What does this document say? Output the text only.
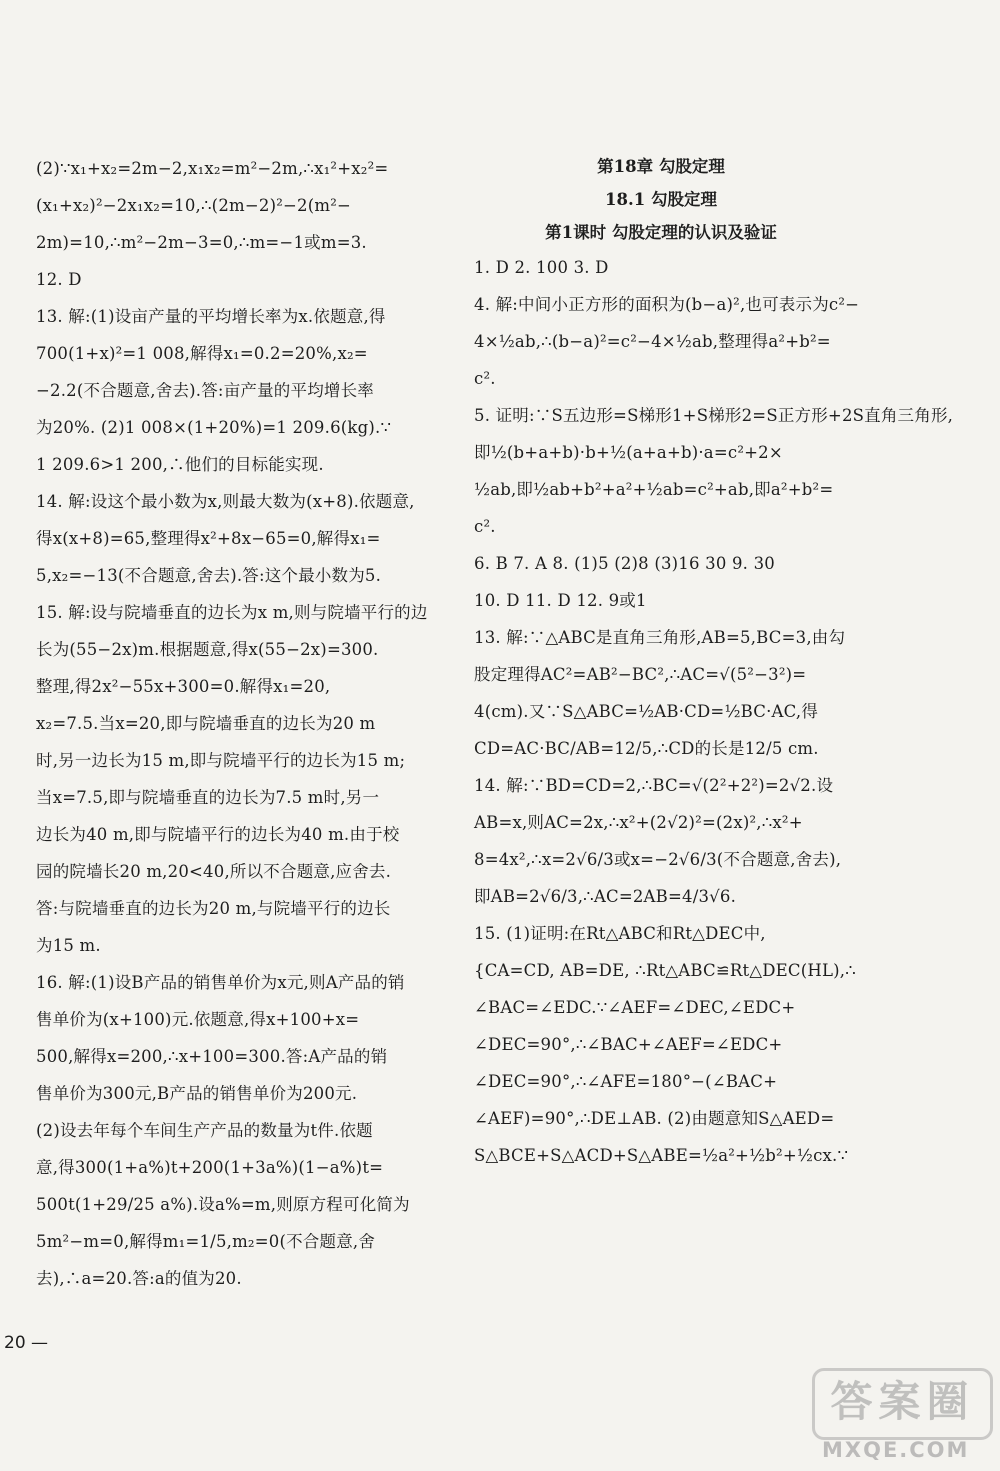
(2)∵x₁+x₂=2m−2,x₁x₂=m²−2m,∴x₁²+x₂²=
(x₁+x₂)²−2x₁x₂=10,∴(2m−2)²−2(m²−
2m)=10,∴m²−2m−3=0,∴m=−1或m=3.
12. D
13. 解:(1)设亩产量的平均增长率为x.依题意,得
700(1+x)²=1 008,解得x₁=0.2=20%,x₂=
−2.2(不合题意,舍去).答:亩产量的平均增长率
为20%. (2)1 008×(1+20%)=1 209.6(kg).∵
1 209.6>1 200,∴他们的目标能实现.
14. 解:设这个最小数为x,则最大数为(x+8).依题意,
得x(x+8)=65,整理得x²+8x−65=0,解得x₁=
5,x₂=−13(不合题意,舍去).答:这个最小数为5.
15. 解:设与院墙垂直的边长为x m,则与院墙平行的边
长为(55−2x)m.根据题意,得x(55−2x)=300.
整理,得2x²−55x+300=0.解得x₁=20,
x₂=7.5.当x=20,即与院墙垂直的边长为20 m
时,另一边长为15 m,即与院墙平行的边长为15 m;
当x=7.5,即与院墙垂直的边长为7.5 m时,另一
边长为40 m,即与院墙平行的边长为40 m.由于校
园的院墙长20 m,20<40,所以不合题意,应舍去.
答:与院墙垂直的边长为20 m,与院墙平行的边长
为15 m.
16. 解:(1)设B产品的销售单价为x元,则A产品的销
售单价为(x+100)元.依题意,得x+100+x=
500,解得x=200,∴x+100=300.答:A产品的销
售单价为300元,B产品的销售单价为200元.
(2)设去年每个车间生产产品的数量为t件.依题
意,得300(1+a%)t+200(1+3a%)(1−a%)t=
500t(1+29/25 a%).设a%=m,则原方程可化简为
5m²−m=0,解得m₁=1/5,m₂=0(不合题意,舍
去),∴a=20.答:a的值为20.
第18章 勾股定理
18.1 勾股定理
第1课时 勾股定理的认识及验证
1. D 2. 100 3. D
4. 解:中间小正方形的面积为(b−a)²,也可表示为c²−
4×½ab,∴(b−a)²=c²−4×½ab,整理得a²+b²=
c².
5. 证明:∵S五边形=S梯形1+S梯形2=S正方形+2S直角三角形,
即½(b+a+b)·b+½(a+a+b)·a=c²+2×
½ab,即½ab+b²+a²+½ab=c²+ab,即a²+b²=
c².
6. B 7. A 8. (1)5 (2)8 (3)16 30 9. 30
10. D 11. D 12. 9或1
13. 解:∵△ABC是直角三角形,AB=5,BC=3,由勾
股定理得AC²=AB²−BC²,∴AC=√(5²−3²)=
4(cm).又∵S△ABC=½AB·CD=½BC·AC,得
CD=AC·BC/AB=12/5,∴CD的长是12/5 cm.
14. 解:∵BD=CD=2,∴BC=√(2²+2²)=2√2.设
AB=x,则AC=2x,∴x²+(2√2)²=(2x)²,∴x²+
8=4x²,∴x=2√6/3或x=−2√6/3(不合题意,舍去),
即AB=2√6/3,∴AC=2AB=4/3√6.
15. (1)证明:在Rt△ABC和Rt△DEC中,
{CA=CD, AB=DE, ∴Rt△ABC≌Rt△DEC(HL),∴
∠BAC=∠EDC.∵∠AEF=∠DEC,∠EDC+
∠DEC=90°,∴∠BAC+∠AEF=∠EDC+
∠DEC=90°,∴∠AFE=180°−(∠BAC+
∠AEF)=90°,∴DE⊥AB. (2)由题意知S△AED=
S△BCE+S△ACD+S△ABE=½a²+½b²+½cx.∵
20 —
答案圈
MXQE.COM
